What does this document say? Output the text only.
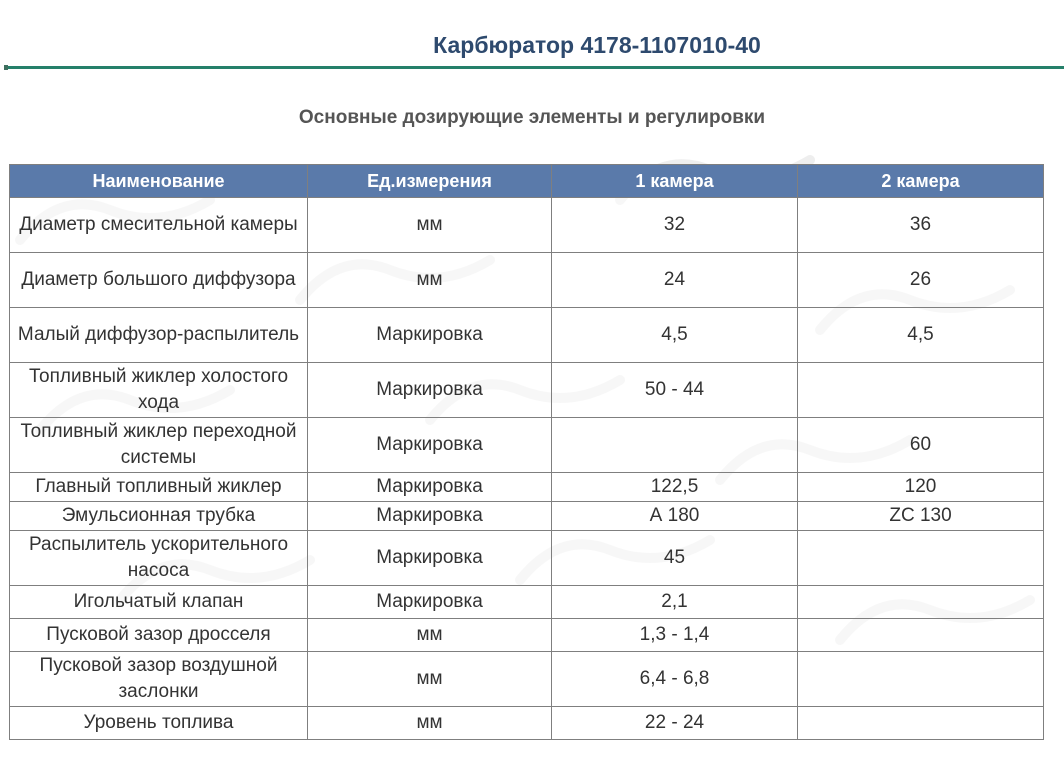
Карбюратор 4178-1107010-40
Основные дозирующие элементы и регулировки
Наименование	Ед.измерения	1 камера	2 камера
Диаметр смесительной камеры	мм	32	36
Диаметр большого диффузора	мм	24	26
Малый диффузор-распылитель	Маркировка	4,5	4,5
Топливный жиклер холостого хода	Маркировка	50 - 44	
Топливный жиклер переходной системы	Маркировка		60
Главный топливный жиклер	Маркировка	122,5	120
Эмульсионная трубка	Маркировка	А 180	ZC 130
Распылитель ускорительного насоса	Маркировка	45	
Игольчатый клапан	Маркировка	2,1	
Пусковой зазор дросселя	мм	1,3 - 1,4	
Пусковой зазор воздушной заслонки	мм	6,4 - 6,8	
Уровень топлива	мм	22 - 24	
